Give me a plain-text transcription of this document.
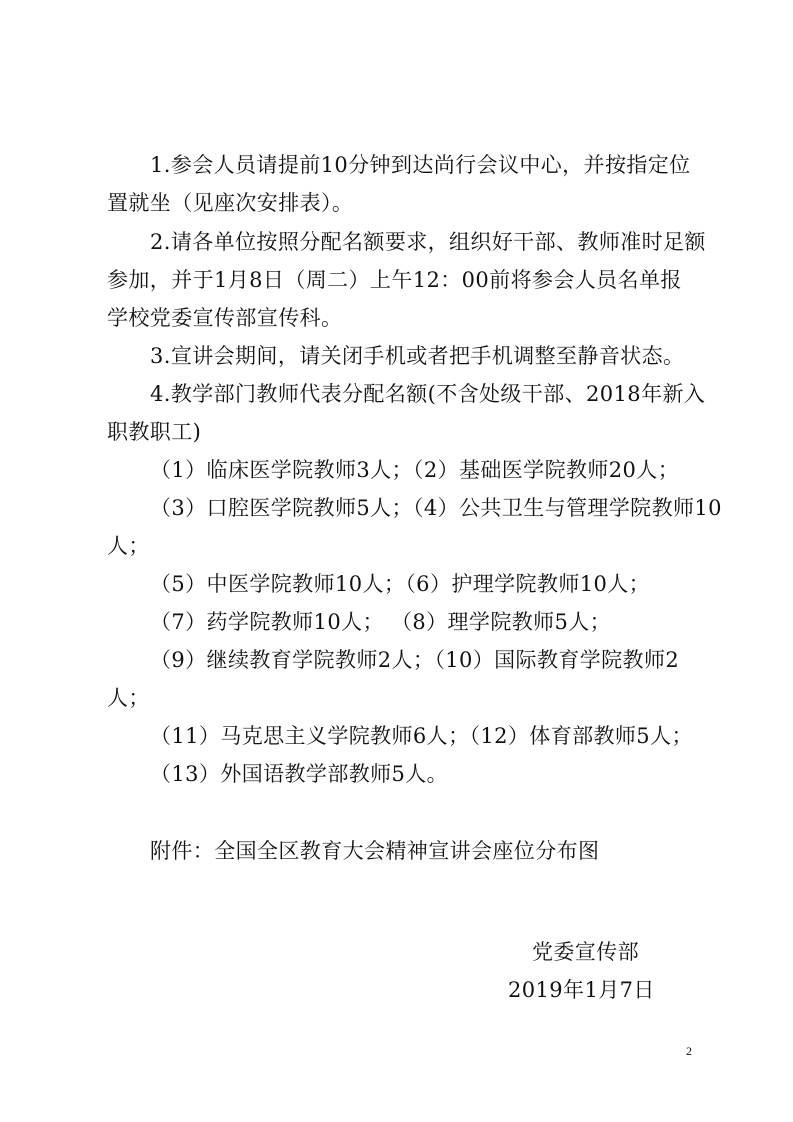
1.参会人员请提前10分钟到达尚行会议中心，并按指定位
置就坐（见座次安排表）。
2.请各单位按照分配名额要求，组织好干部、教师准时足额
参加，并于1月8日（周二）上午12：00前将参会人员名单报
学校党委宣传部宣传科。
3.宣讲会期间，请关闭手机或者把手机调整至静音状态。
4.教学部门教师代表分配名额(不含处级干部、2018年新入
职教职工)
（1）临床医学院教师3人；（2）基础医学院教师20人；
（3）口腔医学院教师5人；（4）公共卫生与管理学院教师10
人；
（5）中医学院教师10人；（6）护理学院教师10人；
（7）药学院教师10人； （8）理学院教师5人；
（9）继续教育学院教师2人；（10）国际教育学院教师2
人；
（11）马克思主义学院教师6人；（12）体育部教师5人；
（13）外国语教学部教师5人。
附件：全国全区教育大会精神宣讲会座位分布图
党委宣传部
2019年1月7日
2
